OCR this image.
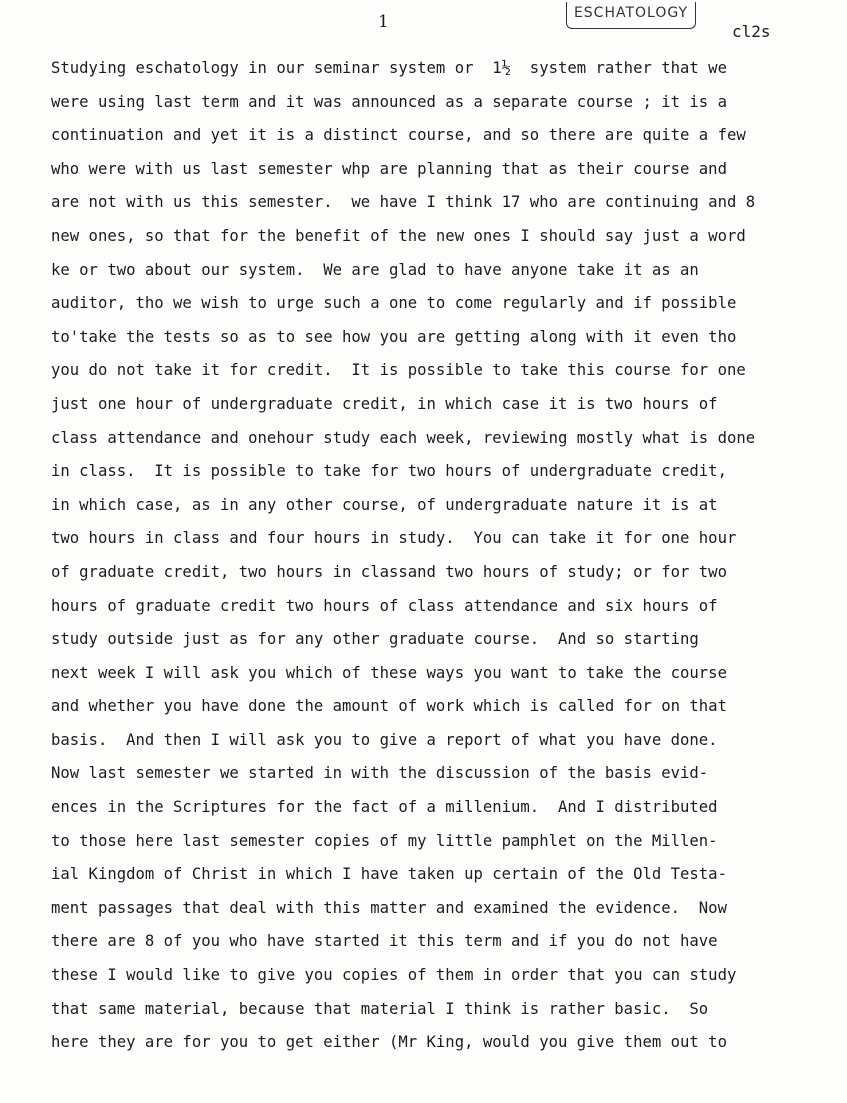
1	ESCHATOLOGY
cl2s
Studying eschatology in our seminar system or  1½  system rather that we
were using last term and it was announced as a separate course ; it is a
continuation and yet it is a distinct course, and so there are quite a few
who were with us last semester whp are planning that as their course and
are not with us this semester.  we have I think 17 who are continuing and 8
new ones, so that for the benefit of the new ones I should say just a word
ke or two about our system.  We are glad to have anyone take it as an
auditor, tho we wish to urge such a one to come regularly and if possible
to'take the tests so as to see how you are getting along with it even tho
you do not take it for credit.  It is possible to take this course for one
just one hour of undergraduate credit, in which case it is two hours of
class attendance and onehour study each week, reviewing mostly what is done
in class.  It is possible to take for two hours of undergraduate credit,
in which case, as in any other course, of undergraduate nature it is at
two hours in class and four hours in study.  You can take it for one hour
of graduate credit, two hours in classand two hours of study; or for two
hours of graduate credit two hours of class attendance and six hours of
study outside just as for any other graduate course.  And so starting
next week I will ask you which of these ways you want to take the course
and whether you have done the amount of work which is called for on that
basis.  And then I will ask you to give a report of what you have done.
Now last semester we started in with the discussion of the basis evid-
ences in the Scriptures for the fact of a millenium.  And I distributed
to those here last semester copies of my little pamphlet on the Millen-
ial Kingdom of Christ in which I have taken up certain of the Old Testa-
ment passages that deal with this matter and examined the evidence.  Now
there are 8 of you who have started it this term and if you do not have
these I would like to give you copies of them in order that you can study
that same material, because that material I think is rather basic.  So
here they are for you to get either (Mr King, would you give them out to
